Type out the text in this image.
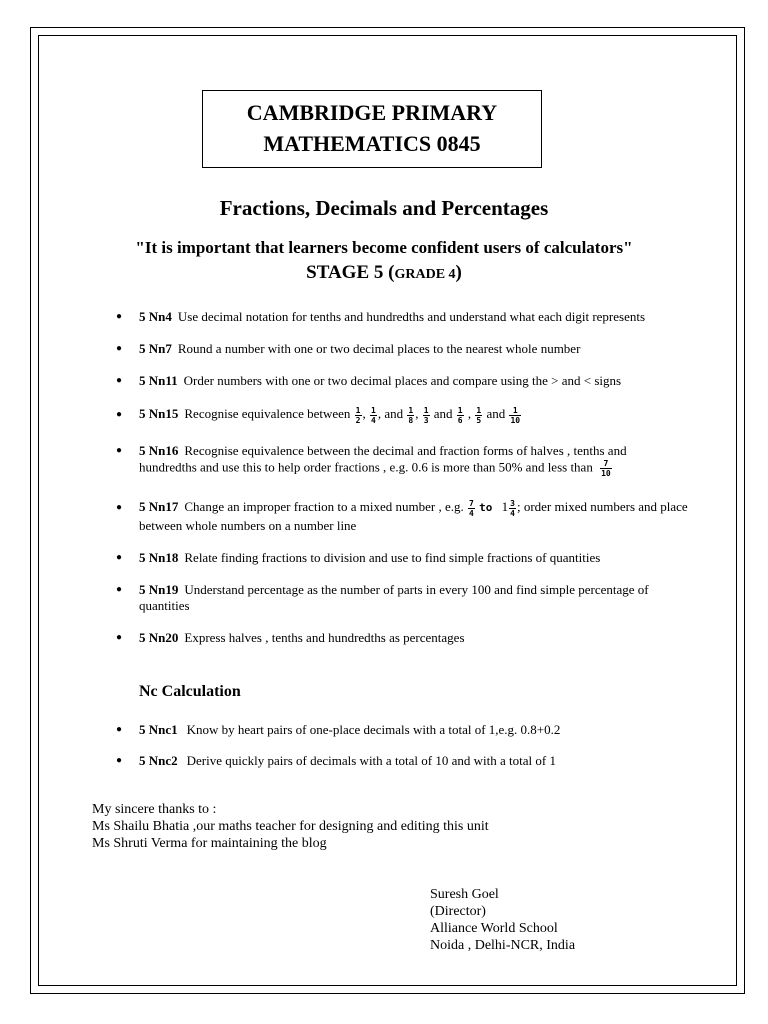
CAMBRIDGE PRIMARY
MATHEMATICS 0845
Fractions, Decimals and Percentages
"It is important that learners become confident users of calculators"
STAGE 5 (GRADE 4)
● 5 Nn4 Use decimal notation for tenths and hundredths and understand what each digit represents
● 5 Nn7 Round a number with one or two decimal places to the nearest whole number
● 5 Nn11 Order numbers with one or two decimal places and compare using the > and < signs
● 5 Nn15 Recognise equivalence between $\frac{1}{2}$ , $\frac{1}{4}$ , and $\frac{1}{8}$ , $\frac{1}{3}$ and $\frac{1}{6}$ , $\frac{1}{5}$ and $\frac{1}{10}$
● 5 Nn16 Recognise equivalence between the decimal and fraction forms of halves , tenths and
hundredths and use this to help order fractions , e.g. 0.6 is more than 50% and less than $\frac{7}{10}$
● 5 Nn17 Change an improper fraction to a mixed number , e.g. $\frac{7}{4}$ to $1 \frac{3}{4}$ ; order mixed numbers and place
between whole numbers on a number line
● 5 Nn18 Relate finding fractions to division and use to find simple fractions of quantities
● 5 Nn19 Understand percentage as the number of parts in every 100 and find simple percentage of
quantities
● 5 Nn20 Express halves , tenths and hundredths as percentages
Nc Calculation
● 5 Nnc1 Know by heart pairs of one-place decimals with a total of 1,e.g. 0.8+0.2
● 5 Nnc2 Derive quickly pairs of decimals with a total of 10 and with a total of 1
My sincere thanks to :
Ms Shailu Bhatia ,our maths teacher for designing and editing this unit
Ms Shruti Verma for maintaining the blog
Suresh Goel
(Director)
Alliance World School
Noida , Delhi-NCR, India
